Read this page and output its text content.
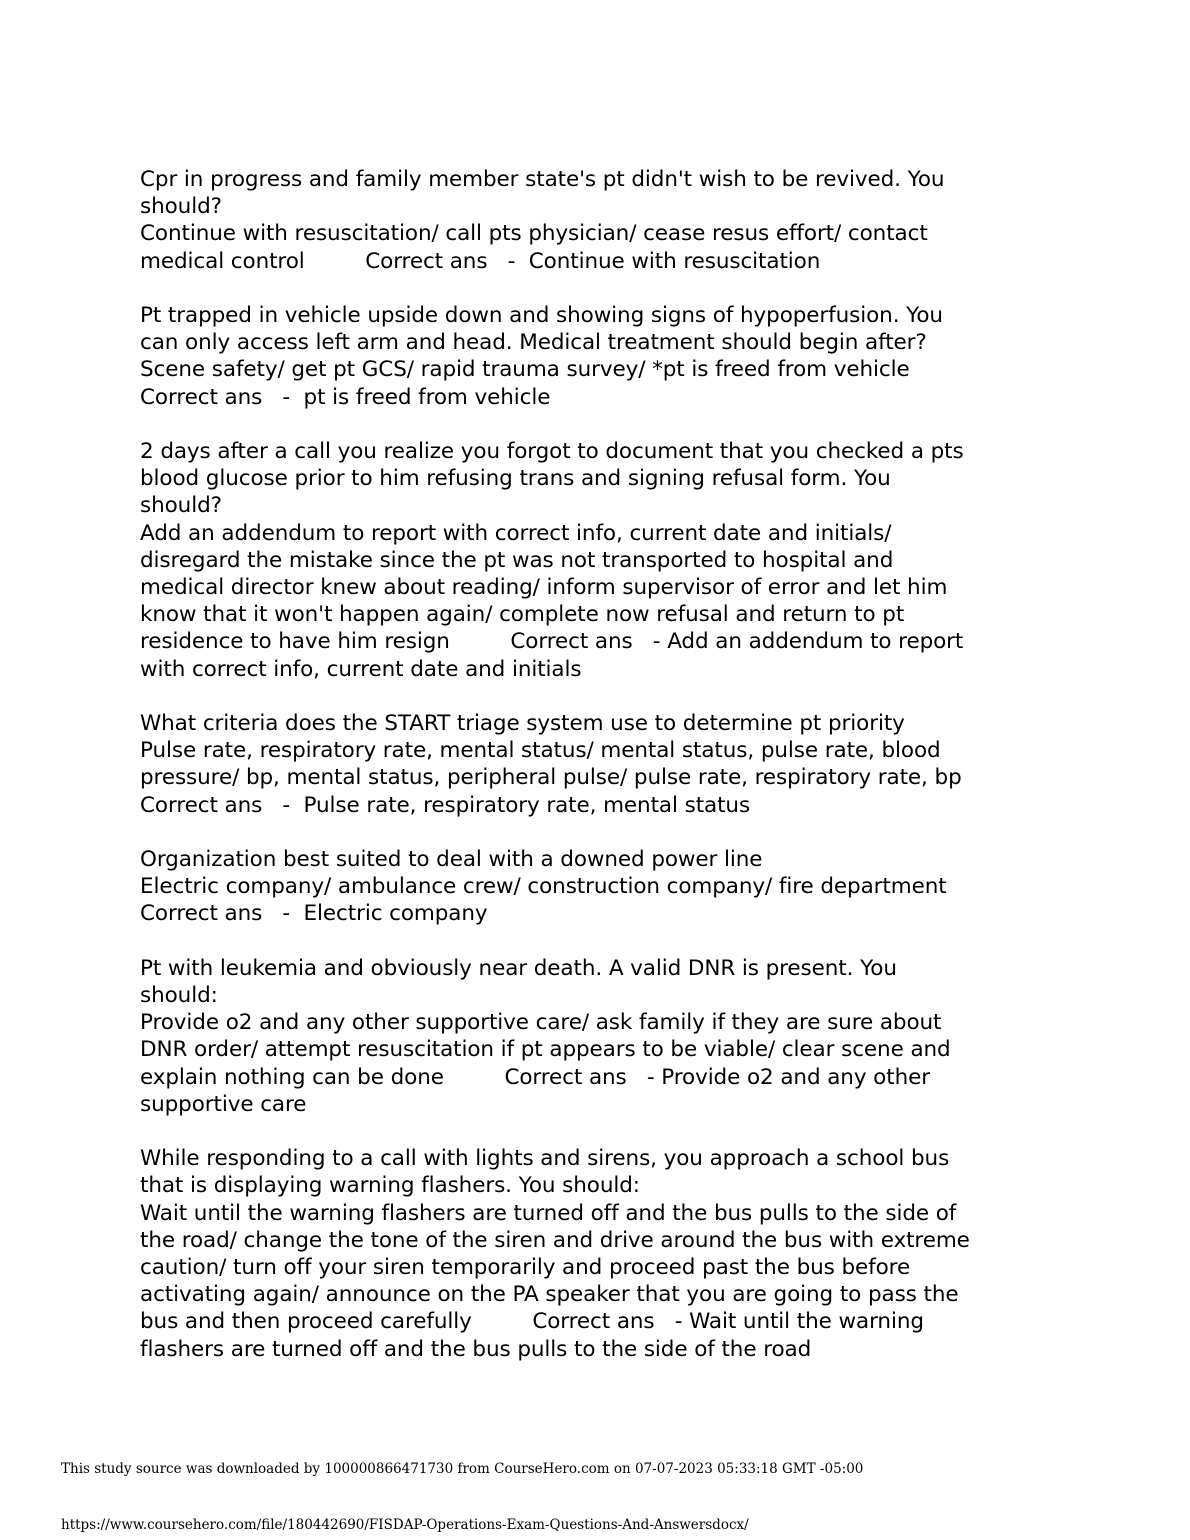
Cpr in progress and family member state's pt didn't wish to be revived. You
should?
Continue with resuscitation/ call pts physician/ cease resus effort/ contact
medical control         Correct ans   -  Continue with resuscitation
Pt trapped in vehicle upside down and showing signs of hypoperfusion. You
can only access left arm and head. Medical treatment should begin after?
Scene safety/ get pt GCS/ rapid trauma survey/ *pt is freed from vehicle
Correct ans   -  pt is freed from vehicle
2 days after a call you realize you forgot to document that you checked a pts
blood glucose prior to him refusing trans and signing refusal form. You
should?
Add an addendum to report with correct info, current date and initials/
disregard the mistake since the pt was not transported to hospital and
medical director knew about reading/ inform supervisor of error and let him
know that it won't happen again/ complete now refusal and return to pt
residence to have him resign         Correct ans   - Add an addendum to report
with correct info, current date and initials
What criteria does the START triage system use to determine pt priority
Pulse rate, respiratory rate, mental status/ mental status, pulse rate, blood
pressure/ bp, mental status, peripheral pulse/ pulse rate, respiratory rate, bp
Correct ans   -  Pulse rate, respiratory rate, mental status
Organization best suited to deal with a downed power line
Electric company/ ambulance crew/ construction company/ fire department
Correct ans   -  Electric company
Pt with leukemia and obviously near death. A valid DNR is present. You
should:
Provide o2 and any other supportive care/ ask family if they are sure about
DNR order/ attempt resuscitation if pt appears to be viable/ clear scene and
explain nothing can be done         Correct ans   - Provide o2 and any other
supportive care
While responding to a call with lights and sirens, you approach a school bus
that is displaying warning flashers. You should:
Wait until the warning flashers are turned off and the bus pulls to the side of
the road/ change the tone of the siren and drive around the bus with extreme
caution/ turn off your siren temporarily and proceed past the bus before
activating again/ announce on the PA speaker that you are going to pass the
bus and then proceed carefully         Correct ans   - Wait until the warning
flashers are turned off and the bus pulls to the side of the road
This study source was downloaded by 100000866471730 from CourseHero.com on 07-07-2023 05:33:18 GMT -05:00
https://www.coursehero.com/file/180442690/FISDAP-Operations-Exam-Questions-And-Answersdocx/
